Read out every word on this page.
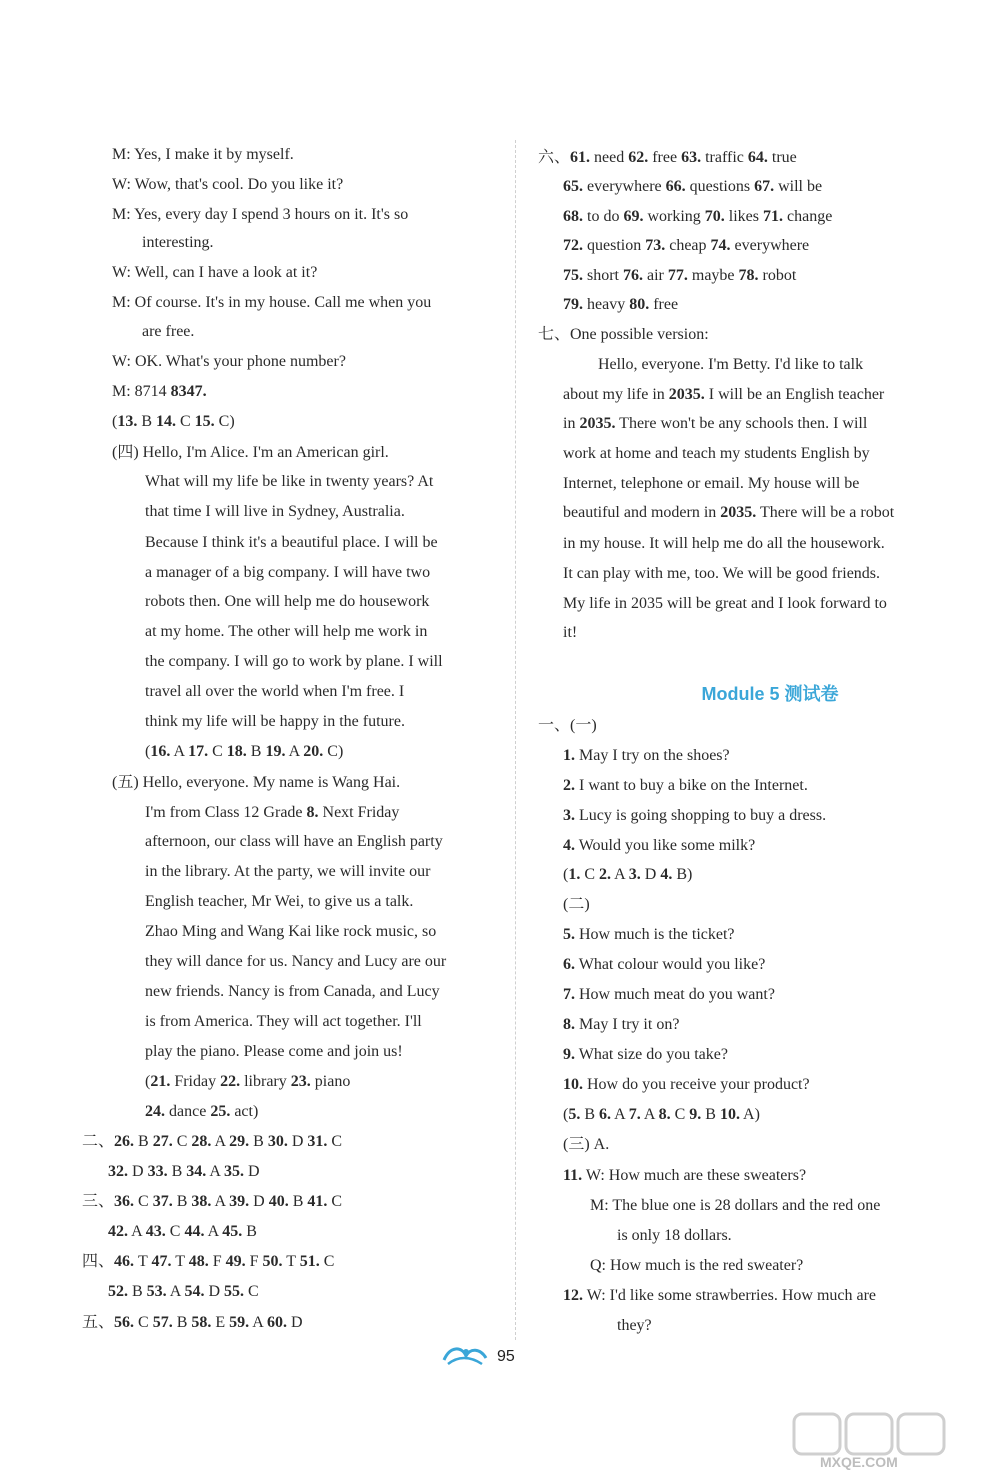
Module 5 测试卷
95
MXQE.COM
M: Yes, I make it by myself.
W: Wow, that's cool. Do you like it?
M: Yes, every day I spend 3 hours on it. It's so
interesting.
W: Well, can I have a look at it?
M: Of course. It's in my house. Call me when you
are free.
W: OK. What's your phone number?
M: 8714 8347.
(13. B 14. C 15. C)
(四) Hello, I'm Alice. I'm an American girl.
What will my life be like in twenty years? At
that time I will live in Sydney, Australia.
Because I think it's a beautiful place. I will be
a manager of a big company. I will have two
robots then. One will help me do housework
at my home. The other will help me work in
the company. I will go to work by plane. I will
travel all over the world when I'm free. I
think my life will be happy in the future.
(16. A 17. C 18. B 19. A 20. C)
(五) Hello, everyone. My name is Wang Hai.
I'm from Class 12 Grade 8. Next Friday
afternoon, our class will have an English party
in the library. At the party, we will invite our
English teacher, Mr Wei, to give us a talk.
Zhao Ming and Wang Kai like rock music, so
they will dance for us. Nancy and Lucy are our
new friends. Nancy is from Canada, and Lucy
is from America. They will act together. I'll
play the piano. Please come and join us!
(21. Friday 22. library 23. piano
24. dance 25. act)
二、26. B 27. C 28. A 29. B 30. D 31. C
32. D 33. B 34. A 35. D
三、36. C 37. B 38. A 39. D 40. B 41. C
42. A 43. C 44. A 45. B
四、46. T 47. T 48. F 49. F 50. T 51. C
52. B 53. A 54. D 55. C
五、56. C 57. B 58. E 59. A 60. D
六、61. need 62. free 63. traffic 64. true
65. everywhere 66. questions 67. will be
68. to do 69. working 70. likes 71. change
72. question 73. cheap 74. everywhere
75. short 76. air 77. maybe 78. robot
79. heavy 80. free
七、One possible version:
Hello, everyone. I'm Betty. I'd like to talk
about my life in 2035. I will be an English teacher
in 2035. There won't be any schools then. I will
work at home and teach my students English by
Internet, telephone or email. My house will be
beautiful and modern in 2035. There will be a robot
in my house. It will help me do all the housework.
It can play with me, too. We will be good friends.
My life in 2035 will be great and I look forward to
it!
一、(一)
1. May I try on the shoes?
2. I want to buy a bike on the Internet.
3. Lucy is going shopping to buy a dress.
4. Would you like some milk?
(1. C 2. A 3. D 4. B)
(二)
5. How much is the ticket?
6. What colour would you like?
7. How much meat do you want?
8. May I try it on?
9. What size do you take?
10. How do you receive your product?
(5. B 6. A 7. A 8. C 9. B 10. A)
(三) A.
11. W: How much are these sweaters?
M: The blue one is 28 dollars and the red one
is only 18 dollars.
Q: How much is the red sweater?
12. W: I'd like some strawberries. How much are
they?
